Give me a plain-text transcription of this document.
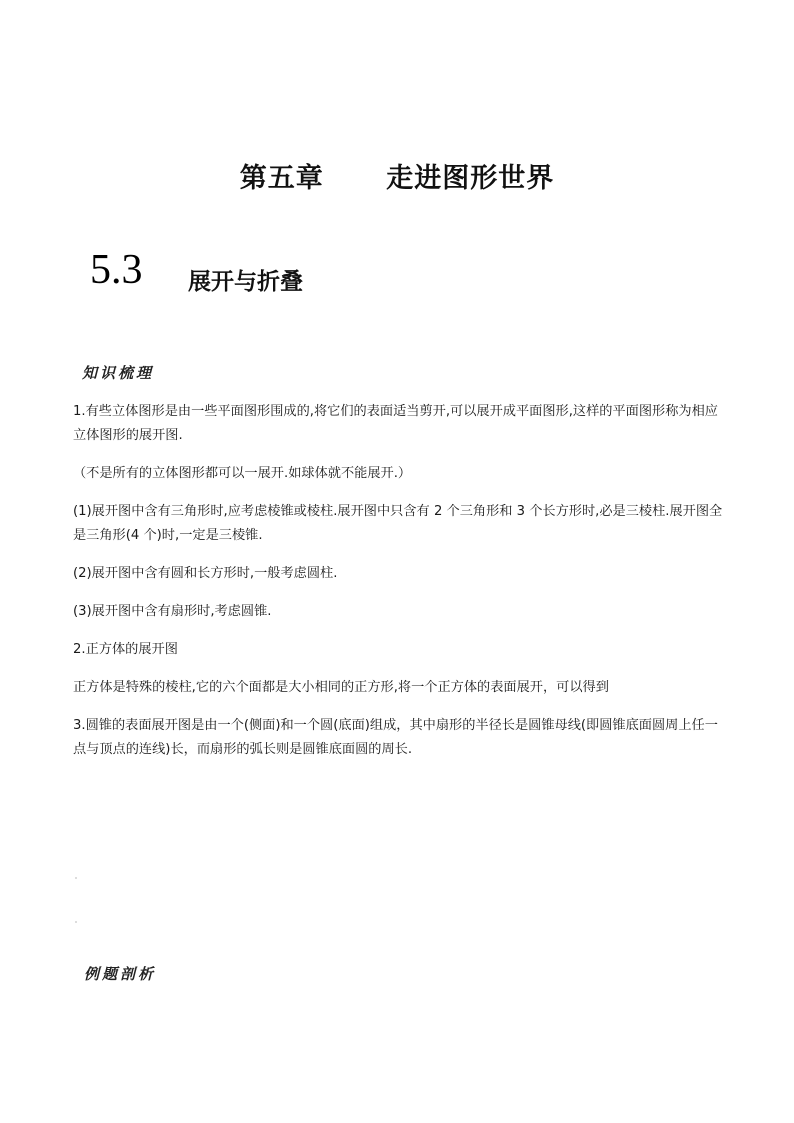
第五章      走进图形世界
5.3 展开与折叠
知识梳理

1.有些立体图形是由一些平面图形围成的,将它们的表面适当剪开,可以展开成平面图形,这样的平面图形称为相应立体图形的展开图.

（不是所有的立体图形都可以一展开.如球体就不能展开.）

(1)展开图中含有三角形时,应考虑棱锥或棱柱.展开图中只含有 2 个三角形和 3 个长方形时,必是三棱柱.展开图全是三角形(4 个)时,一定是三棱锥.

(2)展开图中含有圆和长方形时,一般考虑圆柱.

(3)展开图中含有扇形时,考虑圆锥.

2.正方体的展开图

正方体是特殊的棱柱,它的六个面都是大小相同的正方形,将一个正方体的表面展开，可以得到

3.圆锥的表面展开图是由一个(侧面)和一个圆(底面)组成，其中扇形的半径长是圆锥母线(即圆锥底面圆周上任一点与顶点的连线)长，而扇形的弧长则是圆锥底面圆的周长.

例题剖析
